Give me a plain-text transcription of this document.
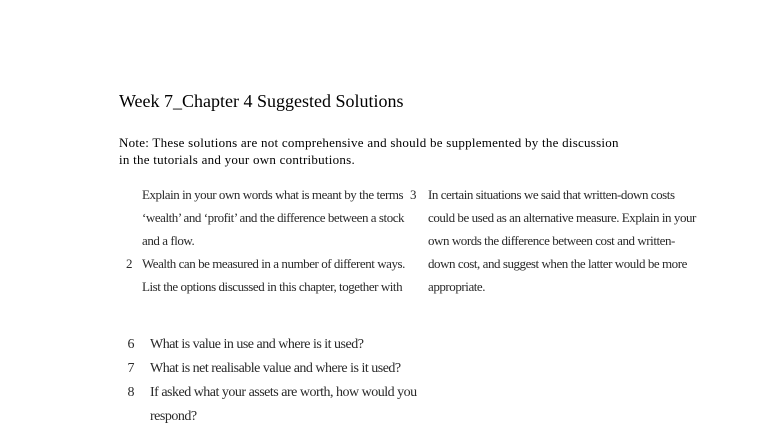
Week 7_Chapter 4 Suggested Solutions
Note: These solutions are not comprehensive and should be supplemented by the discussion
in the tutorials and your own contributions.
Explain in your own words what is meant by the terms
‘wealth’ and ‘profit’ and the difference between a stock
and a flow.
2 Wealth can be measured in a number of different ways.
List the options discussed in this chapter, together with
3 In certain situations we said that written-down costs
could be used as an alternative measure. Explain in your
own words the difference between cost and written-
down cost, and suggest when the latter would be more
appropriate.
6 What is value in use and where is it used?
7 What is net realisable value and where is it used?
8 If asked what your assets are worth, how would you
respond?
